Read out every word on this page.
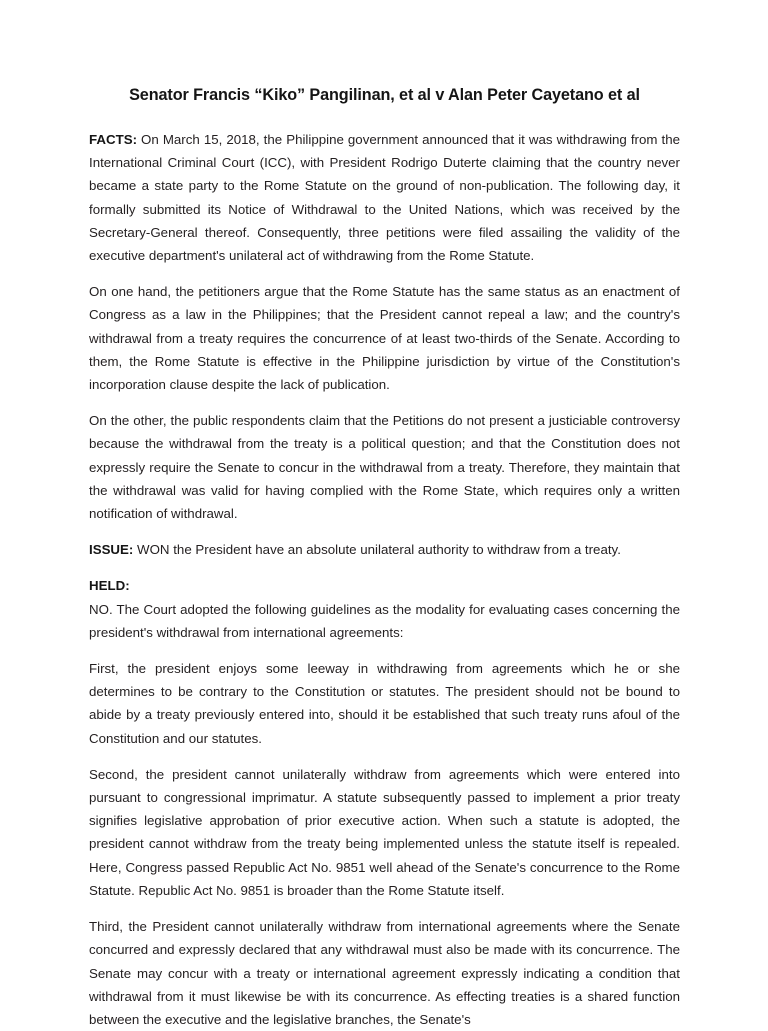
Senator Francis “Kiko” Pangilinan, et al v Alan Peter Cayetano et al

FACTS: On March 15, 2018, the Philippine government announced that it was withdrawing from the International Criminal Court (ICC), with President Rodrigo Duterte claiming that the country never became a state party to the Rome Statute on the ground of non-publication. The following day, it formally submitted its Notice of Withdrawal to the United Nations, which was received by the Secretary-General thereof. Consequently, three petitions were filed assailing the validity of the executive department's unilateral act of withdrawing from the Rome Statute.

On one hand, the petitioners argue that the Rome Statute has the same status as an enactment of Congress as a law in the Philippines; that the President cannot repeal a law; and the country's withdrawal from a treaty requires the concurrence of at least two-thirds of the Senate. According to them, the Rome Statute is effective in the Philippine jurisdiction by virtue of the Constitution's incorporation clause despite the lack of publication.

On the other, the public respondents claim that the Petitions do not present a justiciable controversy because the withdrawal from the treaty is a political question; and that the Constitution does not expressly require the Senate to concur in the withdrawal from a treaty. Therefore, they maintain that the withdrawal was valid for having complied with the Rome State, which requires only a written notification of withdrawal.

ISSUE: WON the President have an absolute unilateral authority to withdraw from a treaty.

HELD:
NO. The Court adopted the following guidelines as the modality for evaluating cases concerning the president's withdrawal from international agreements:

First, the president enjoys some leeway in withdrawing from agreements which he or she determines to be contrary to the Constitution or statutes. The president should not be bound to abide by a treaty previously entered into, should it be established that such treaty runs afoul of the Constitution and our statutes.

Second, the president cannot unilaterally withdraw from agreements which were entered into pursuant to congressional imprimatur. A statute subsequently passed to implement a prior treaty signifies legislative approbation of prior executive action. When such a statute is adopted, the president cannot withdraw from the treaty being implemented unless the statute itself is repealed. Here, Congress passed Republic Act No. 9851 well ahead of the Senate's concurrence to the Rome Statute. Republic Act No. 9851 is broader than the Rome Statute itself.

Third, the President cannot unilaterally withdraw from international agreements where the Senate concurred and expressly declared that any withdrawal must also be made with its concurrence. The Senate may concur with a treaty or international agreement expressly indicating a condition that withdrawal from it must likewise be with its concurrence. As effecting treaties is a shared function between the executive and the legislative branches, the Senate's
